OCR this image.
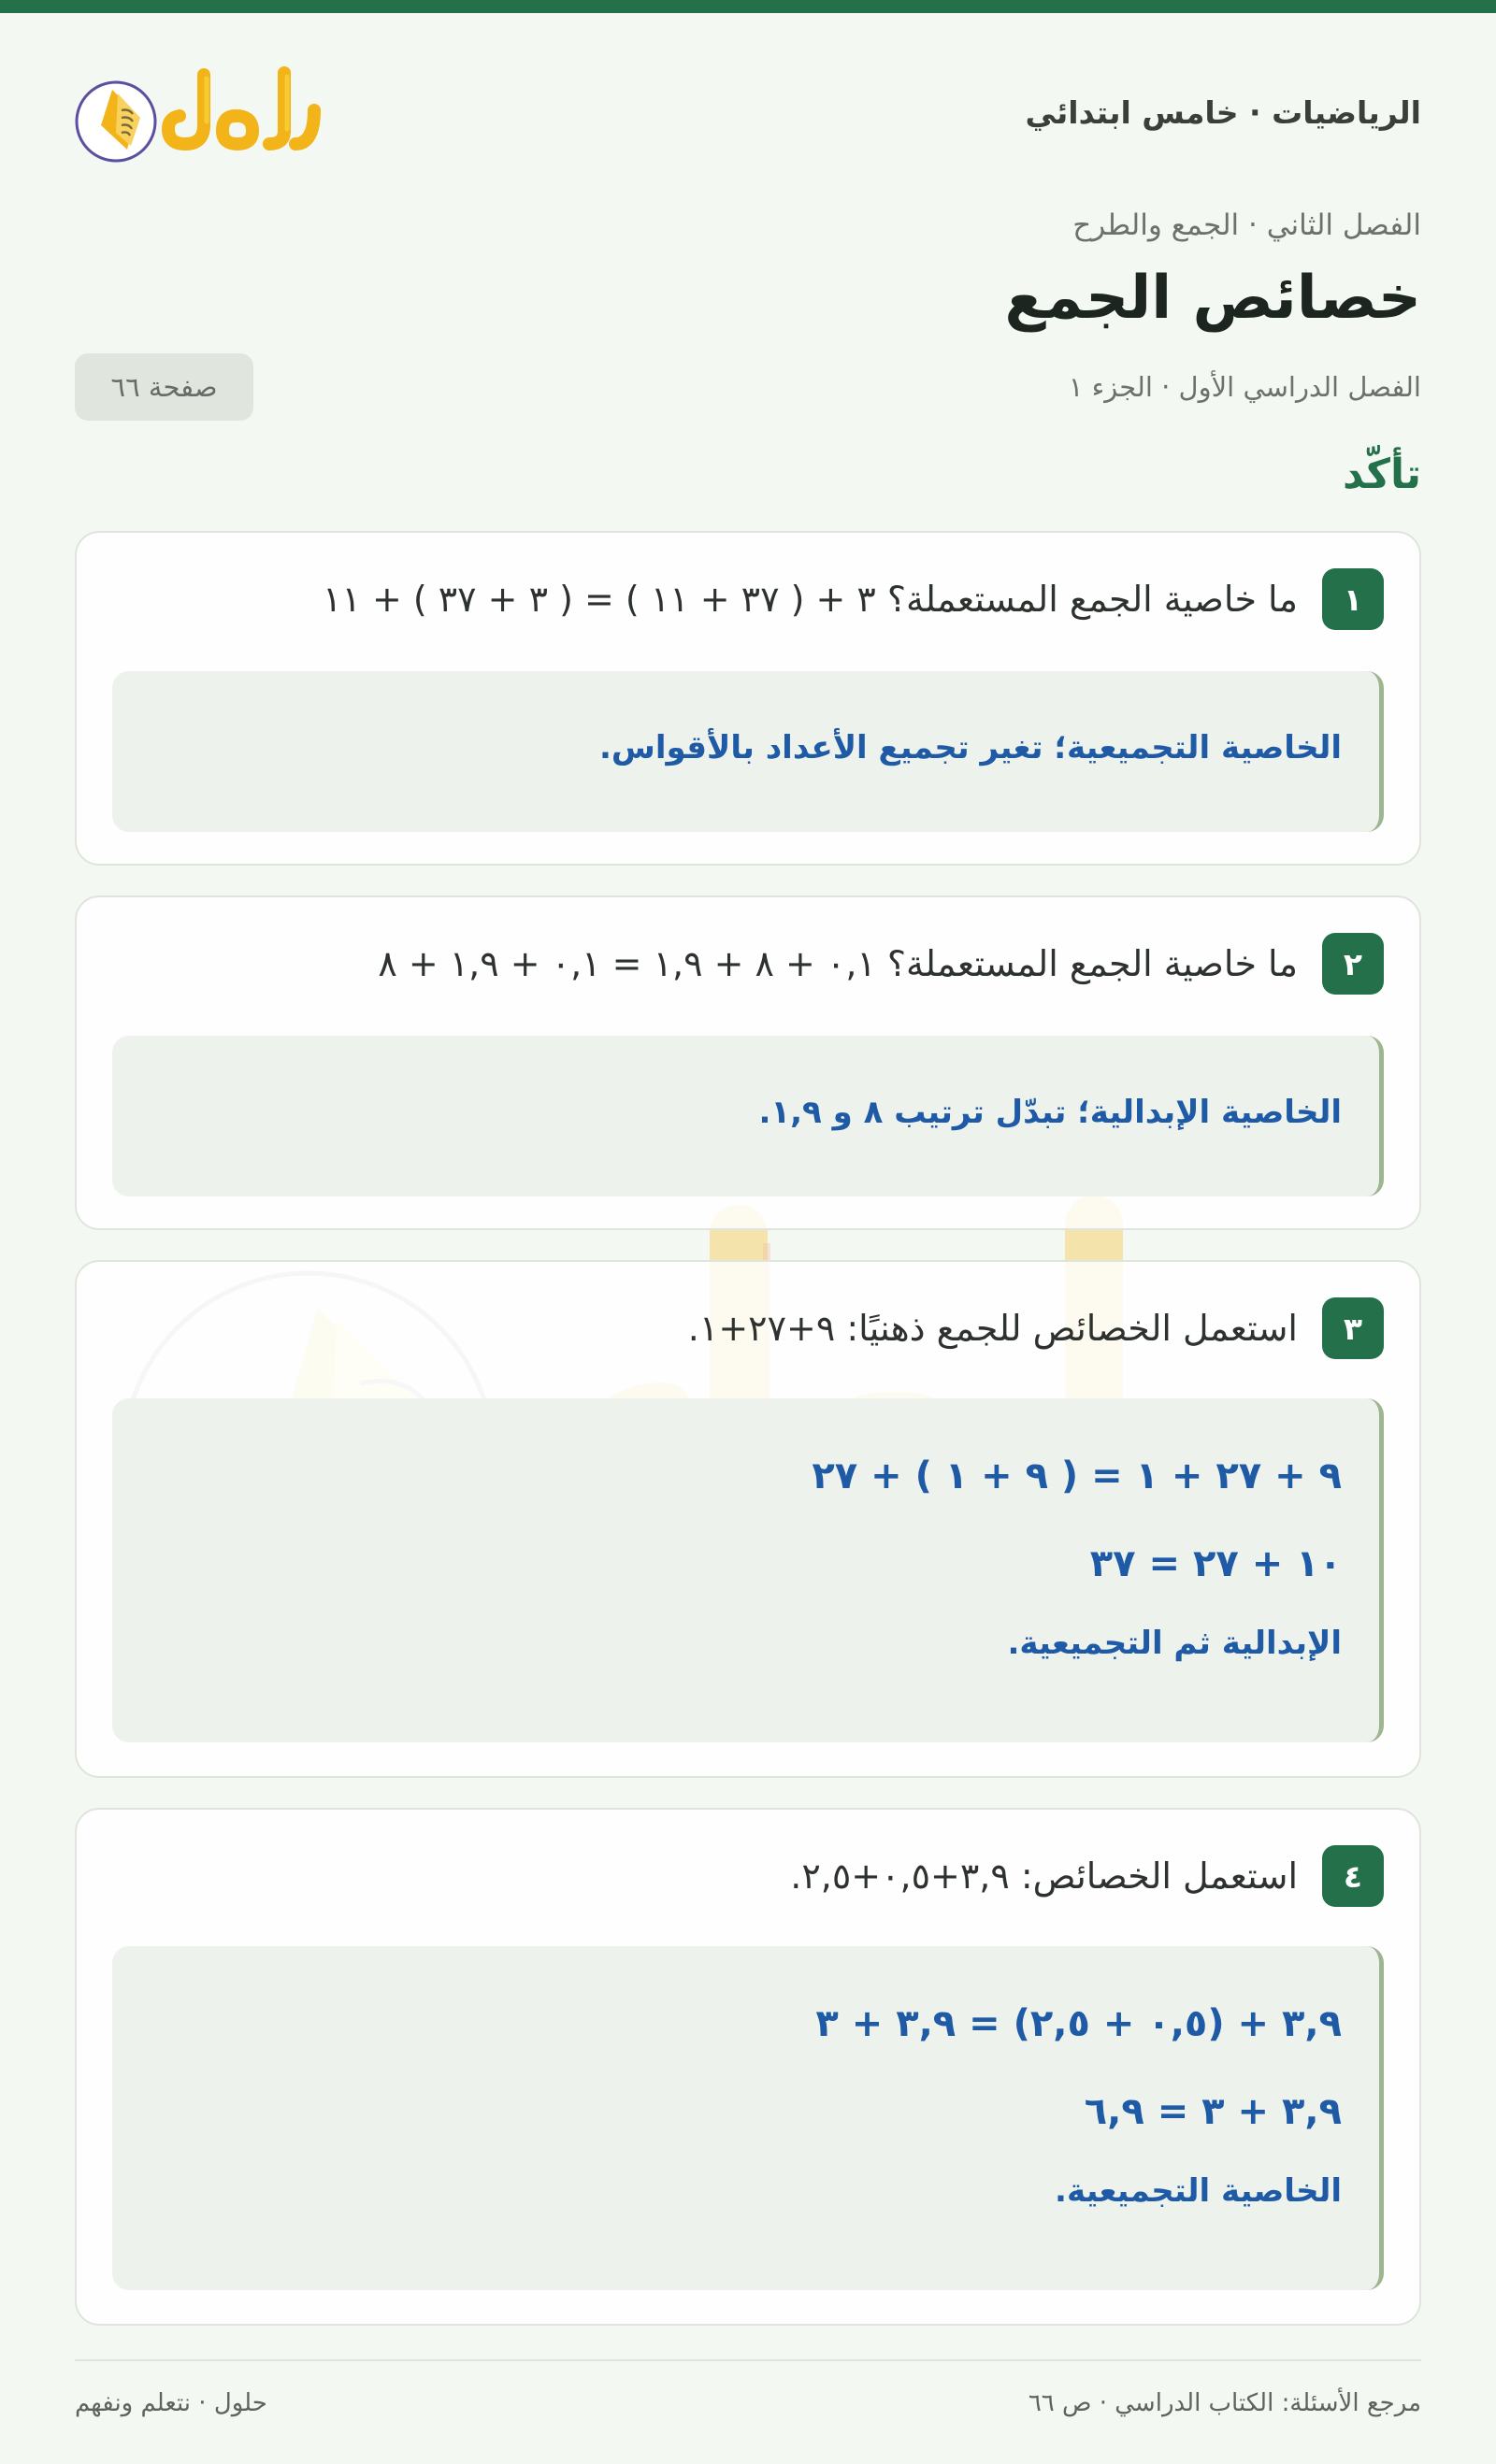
الرياضيات · خامس ابتدائي
الفصل الثاني · الجمع والطرح
خصائص الجمع
الفصل الدراسي الأول · الجزء ١
صفحة ٦٦
تأكّد
١
ما خاصية الجمع المستعملة؟ ٣ + ( ٣٧ + ١١ ) = ( ٣ + ٣٧ ) + ١١
الخاصية التجميعية؛ تغير تجميع الأعداد بالأقواس.
٢
ما خاصية الجمع المستعملة؟ ٠,١ + ٨ + ١,٩ = ٠,١ + ١,٩ + ٨
الخاصية الإبدالية؛ تبدّل ترتيب ٨ و ١,٩.
٣
استعمل الخصائص للجمع ذهنيًا: ٩+٢٧+١.
٩ + ٢٧ + ١ = ( ٩ + ١ ) + ٢٧
١٠ + ٢٧ = ٣٧
الإبدالية ثم التجميعية.
٤
استعمل الخصائص: ٣,٩+٠,٥+٢,٥.
٣,٩ + (٠,٥ + ٢,٥) = ٣,٩ + ٣
٣,٩ + ٣ = ٦,٩
الخاصية التجميعية.
مرجع الأسئلة: الكتاب الدراسي · ص ٦٦
حلول · نتعلم ونفهم
